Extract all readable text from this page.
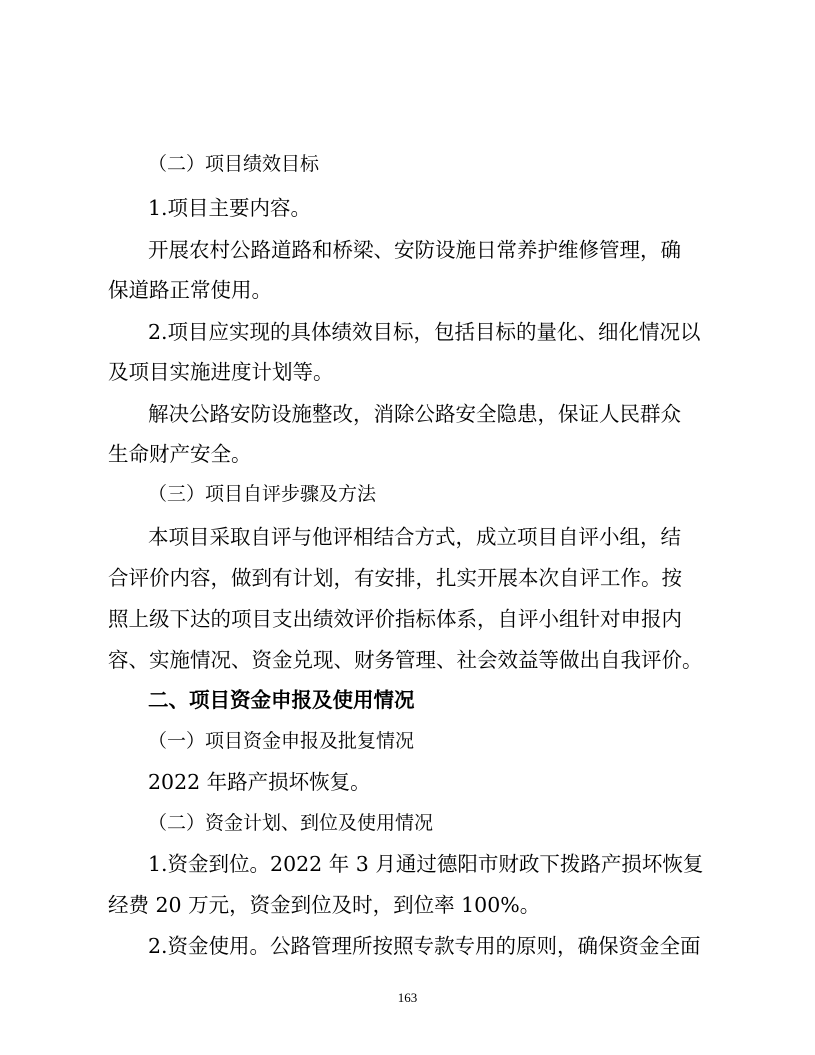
（二）项目绩效目标
1.项目主要内容。
开展农村公路道路和桥梁、安防设施日常养护维修管理，确
保道路正常使用。
2.项目应实现的具体绩效目标，包括目标的量化、细化情况以
及项目实施进度计划等。
解决公路安防设施整改，消除公路安全隐患，保证人民群众
生命财产安全。
（三）项目自评步骤及方法
本项目采取自评与他评相结合方式，成立项目自评小组，结
合评价内容，做到有计划，有安排，扎实开展本次自评工作。按
照上级下达的项目支出绩效评价指标体系，自评小组针对申报内
容、实施情况、资金兑现、财务管理、社会效益等做出自我评价。
二、项目资金申报及使用情况
（一）项目资金申报及批复情况
2022 年路产损坏恢复。
（二）资金计划、到位及使用情况
1.资金到位。2022 年 3 月通过德阳市财政下拨路产损坏恢复
经费 20 万元，资金到位及时，到位率 100%。
2.资金使用。公路管理所按照专款专用的原则，确保资金全面
163
